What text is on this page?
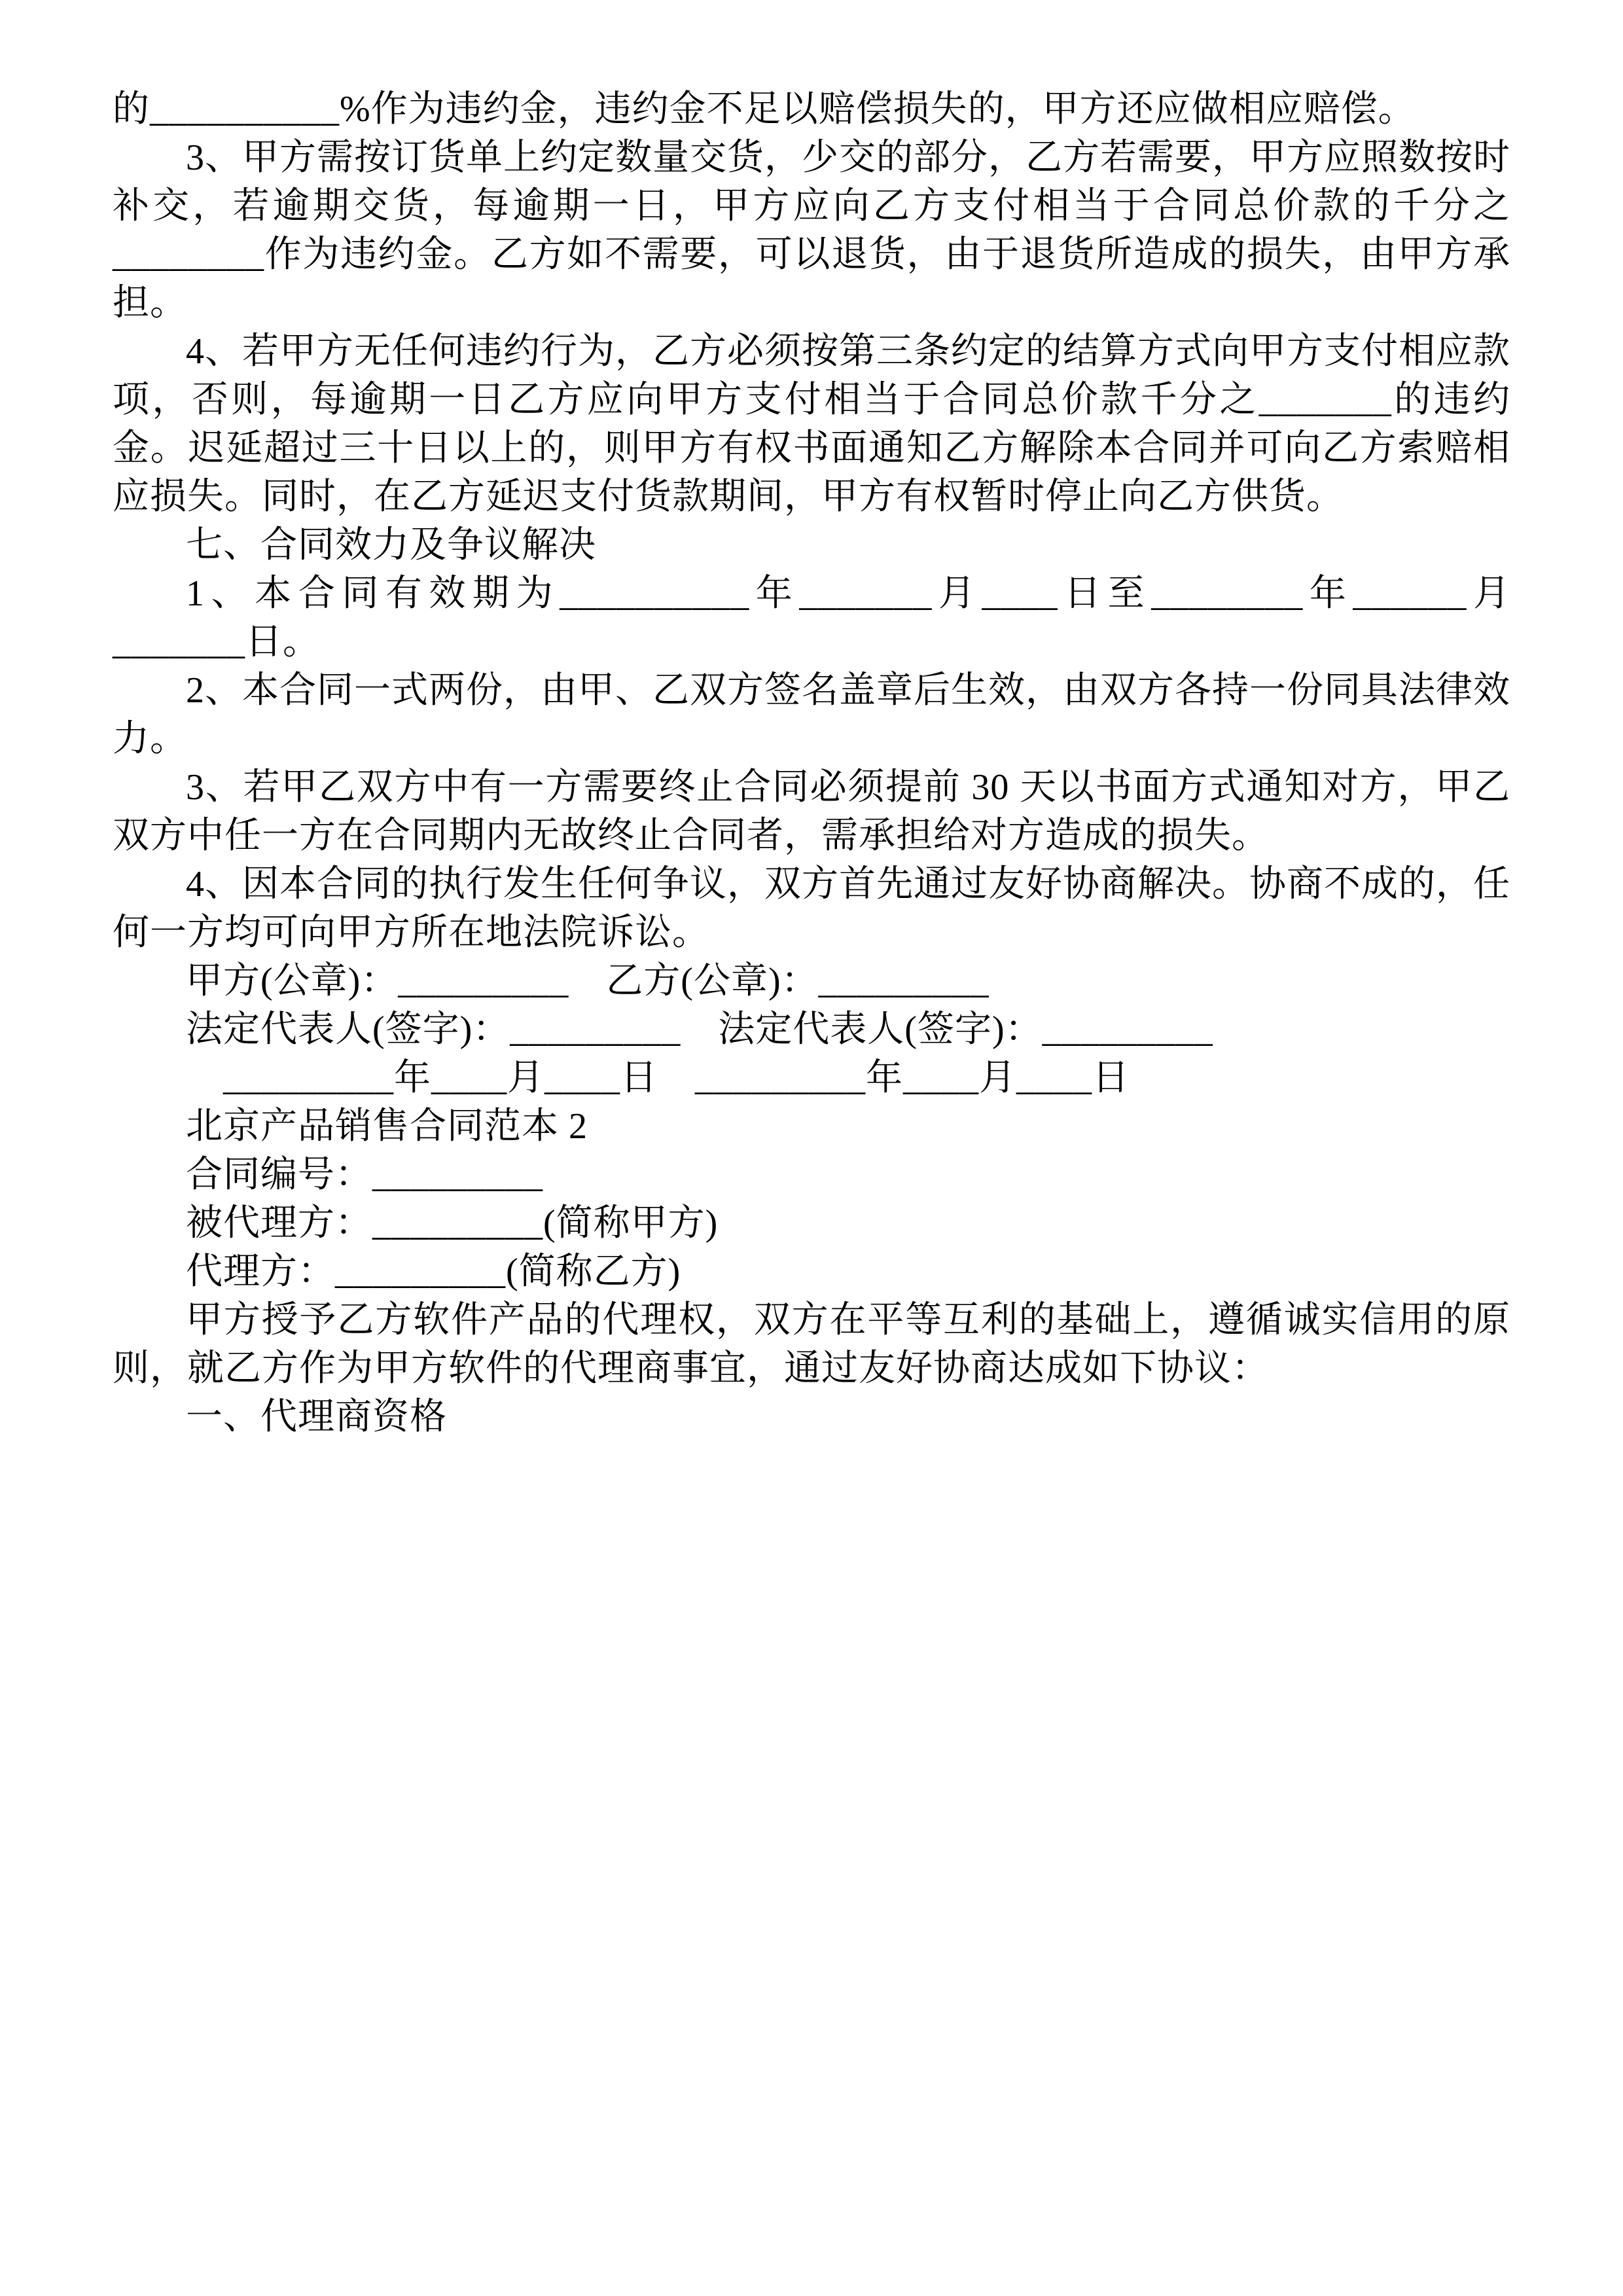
的__________%作为违约金，违约金不足以赔偿损失的，甲方还应做相应赔偿。

3、甲方需按订货单上约定数量交货，少交的部分，乙方若需要，甲方应照数按时补交，若逾期交货，每逾期一日，甲方应向乙方支付相当于合同总价款的千分之________作为违约金。乙方如不需要，可以退货，由于退货所造成的损失，由甲方承担。

4、若甲方无任何违约行为，乙方必须按第三条约定的结算方式向甲方支付相应款项，否则，每逾期一日乙方应向甲方支付相当于合同总价款千分之_______的违约金。迟延超过三十日以上的，则甲方有权书面通知乙方解除本合同并可向乙方索赔相应损失。同时，在乙方延迟支付货款期间，甲方有权暂时停止向乙方供货。

七、合同效力及争议解决

1、本合同有效期为__________年_______月____日至________年______月_______日。

2、本合同一式两份，由甲、乙双方签名盖章后生效，由双方各持一份同具法律效力。

3、若甲乙双方中有一方需要终止合同必须提前 30 天以书面方式通知对方，甲乙双方中任一方在合同期内无故终止合同者，需承担给对方造成的损失。

4、因本合同的执行发生任何争议，双方首先通过友好协商解决。协商不成的，任何一方均可向甲方所在地法院诉讼。

甲方(公章)：_________　乙方(公章)：_________

法定代表人(签字)：_________　法定代表人(签字)：_________

　_________年____月____日　_________年____月____日

北京产品销售合同范本 2

合同编号：_________

被代理方：_________(简称甲方)

代理方：_________(简称乙方)

甲方授予乙方软件产品的代理权，双方在平等互利的基础上，遵循诚实信用的原则，就乙方作为甲方软件的代理商事宜，通过友好协商达成如下协议：

一、代理商资格
